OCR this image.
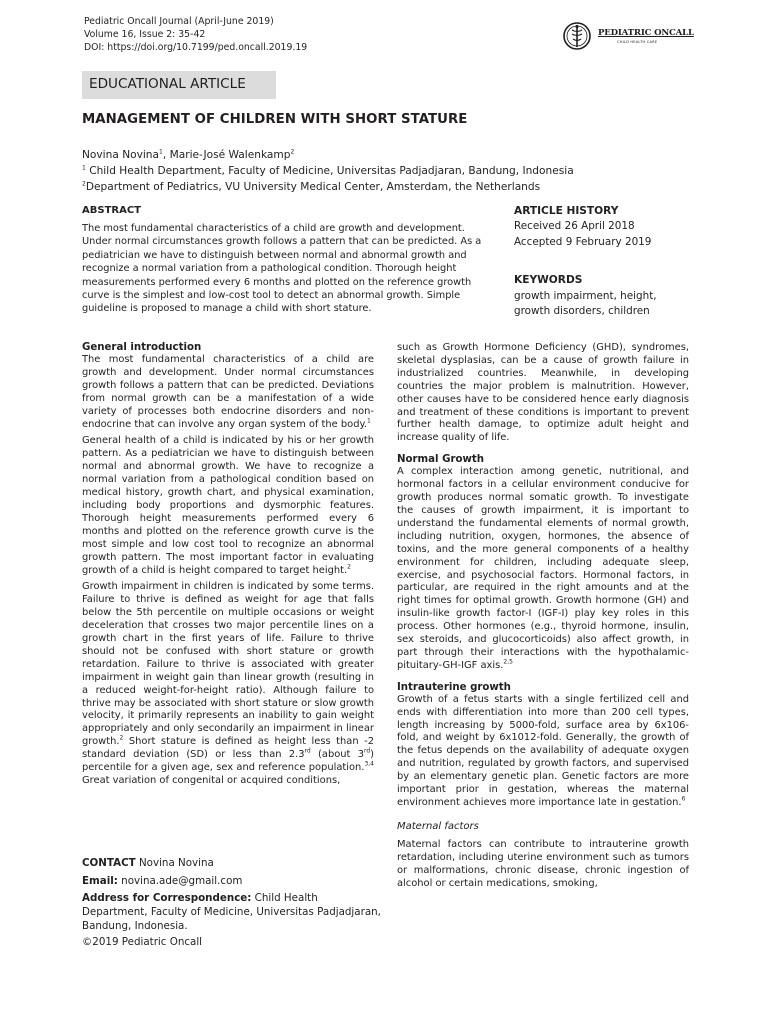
Pediatric Oncall Journal (April-June 2019)
Volume 16, Issue 2: 35-42
DOI: https://doi.org/10.7199/ped.oncall.2019.19
PEDIATRIC ONCALL
CHILD HEALTH CARE
EDUCATIONAL ARTICLE
MANAGEMENT OF CHILDREN WITH SHORT STATURE
Novina Novina$^1$, Marie-José Walenkamp$^2$
$^1$ Child Health Department, Faculty of Medicine, Universitas Padjadjaran, Bandung, Indonesia
$^2$Department of Pediatrics, VU University Medical Center, Amsterdam, the Netherlands
ABSTRACT
The most fundamental characteristics of a child are growth and development. Under normal circumstances growth follows a pattern that can be predicted. As a pediatrician we have to distinguish between normal and abnormal growth and recognize a normal variation from a pathological condition. Thorough height measurements performed every 6 months and plotted on the reference growth curve is the simplest and low-cost tool to detect an abnormal growth. Simple guideline is proposed to manage a child with short stature.
ARTICLE HISTORY
Received 26 April 2018
Accepted 9 February 2019
KEYWORDS
growth impairment, height, growth disorders, children
General introduction

The most fundamental characteristics of a child are growth and development. Under normal circumstances growth follows a pattern that can be predicted. Deviations from normal growth can be a manifestation of a wide variety of processes both endocrine disorders and non-endocrine that can involve any organ system of the body.$^1$

General health of a child is indicated by his or her growth pattern. As a pediatrician we have to distinguish between normal and abnormal growth. We have to recognize a normal variation from a pathological condition based on medical history, growth chart, and physical examination, including body proportions and dysmorphic features. Thorough height measurements performed every 6 months and plotted on the reference growth curve is the most simple and low cost tool to recognize an abnormal growth pattern. The most important factor in evaluating growth of a child is height compared to target height.$^2$

Growth impairment in children is indicated by some terms. Failure to thrive is defined as weight for age that falls below the 5th percentile on multiple occasions or weight deceleration that crosses two major percentile lines on a growth chart in the first years of life. Failure to thrive should not be confused with short stature or growth retardation. Failure to thrive is associated with greater impairment in weight gain than linear growth (resulting in a reduced weight-for-height ratio). Although failure to thrive may be associated with short stature or slow growth velocity, it primarily represents an inability to gain weight appropriately and only secondarily an impairment in linear growth.$^2$ Short stature is defined as height less than -2 standard deviation (SD) or less than 2.3rd (about 3rd) percentile for a given age, sex and reference population.$^{3,4}$ Great variation of congenital or acquired conditions,

such as Growth Hormone Deficiency (GHD), syndromes, skeletal dysplasias, can be a cause of growth failure in industrialized countries. Meanwhile, in developing countries the major problem is malnutrition. However, other causes have to be considered hence early diagnosis and treatment of these conditions is important to prevent further health damage, to optimize adult height and increase quality of life.

Normal Growth

A complex interaction among genetic, nutritional, and hormonal factors in a cellular environment conducive for growth produces normal somatic growth. To investigate the causes of growth impairment, it is important to understand the fundamental elements of normal growth, including nutrition, oxygen, hormones, the absence of toxins, and the more general components of a healthy environment for children, including adequate sleep, exercise, and psychosocial factors. Hormonal factors, in particular, are required in the right amounts and at the right times for optimal growth. Growth hormone (GH) and insulin-like growth factor-I (IGF-I) play key roles in this process. Other hormones (e.g., thyroid hormone, insulin, sex steroids, and glucocorticoids) also affect growth, in part through their interactions with the hypothalamic-pituitary-GH-IGF axis.$^{2,5}$

Intrauterine growth

Growth of a fetus starts with a single fertilized cell and ends with differentiation into more than 200 cell types, length increasing by 5000-fold, surface area by 6x106-fold, and weight by 6x1012-fold. Generally, the growth of the fetus depends on the availability of adequate oxygen and nutrition, regulated by growth factors, and supervised by an elementary genetic plan. Genetic factors are more important prior in gestation, whereas the maternal environment achieves more importance late in gestation.$^6$

Maternal factors

Maternal factors can contribute to intrauterine growth retardation, including uterine environment such as tumors or malformations, chronic disease, chronic ingestion of alcohol or certain medications, smoking,

CONTACT Novina Novina
Email: novina.ade@gmail.com
Address for Correspondence: Child Health Department, Faculty of Medicine, Universitas Padjadjaran, Bandung, Indonesia.
©2019 Pediatric Oncall
